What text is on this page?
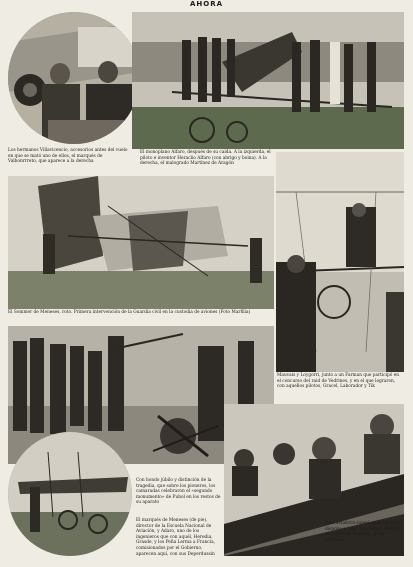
AHORA

Los hermanos Villavicencio, accesorios antes del vuelo en que se mató uno de ellos, el marqués de Valbonrrreto, que aparece a la derecha

El monoplano Alfaro, después de su caída. A la izquierda, el piloto e inventor Heraclio Alfaro (con abrigo y boina). A la derecha, el malogrado Martínez de Aragón

El Sommer de Meneses, roto. Primera intervención de la Guardia civil en la custodia de aviones (Foto Marfilia)

Mauvais y Loygorri, junto a un Farman que participó en el concurso del raid de Vedrines, y en el que lograron, con aquellos pilotos, Gracel, Laborador y Tik

Con hondo júbilo y distinción de la tragedia, que sobre los pioneros, los camaradas celebraron el «segundo monumento» de Pubol en los restos de su aparato

El marqués de Meneses (de pie), director de la Escuela Nacional de Aviación, y Adaro, uno de los ingenieros que con aquél, Heredia, Grasde, y los Peña Lerma a Francia, comisionados por el Gobierno, aparecen aquí, con sus Deperdussin

Esta aviadora sujetó su gorro y su dispone a volar con Adaro, recogió un trofeo de la tarde, (Foto Marfilia)
